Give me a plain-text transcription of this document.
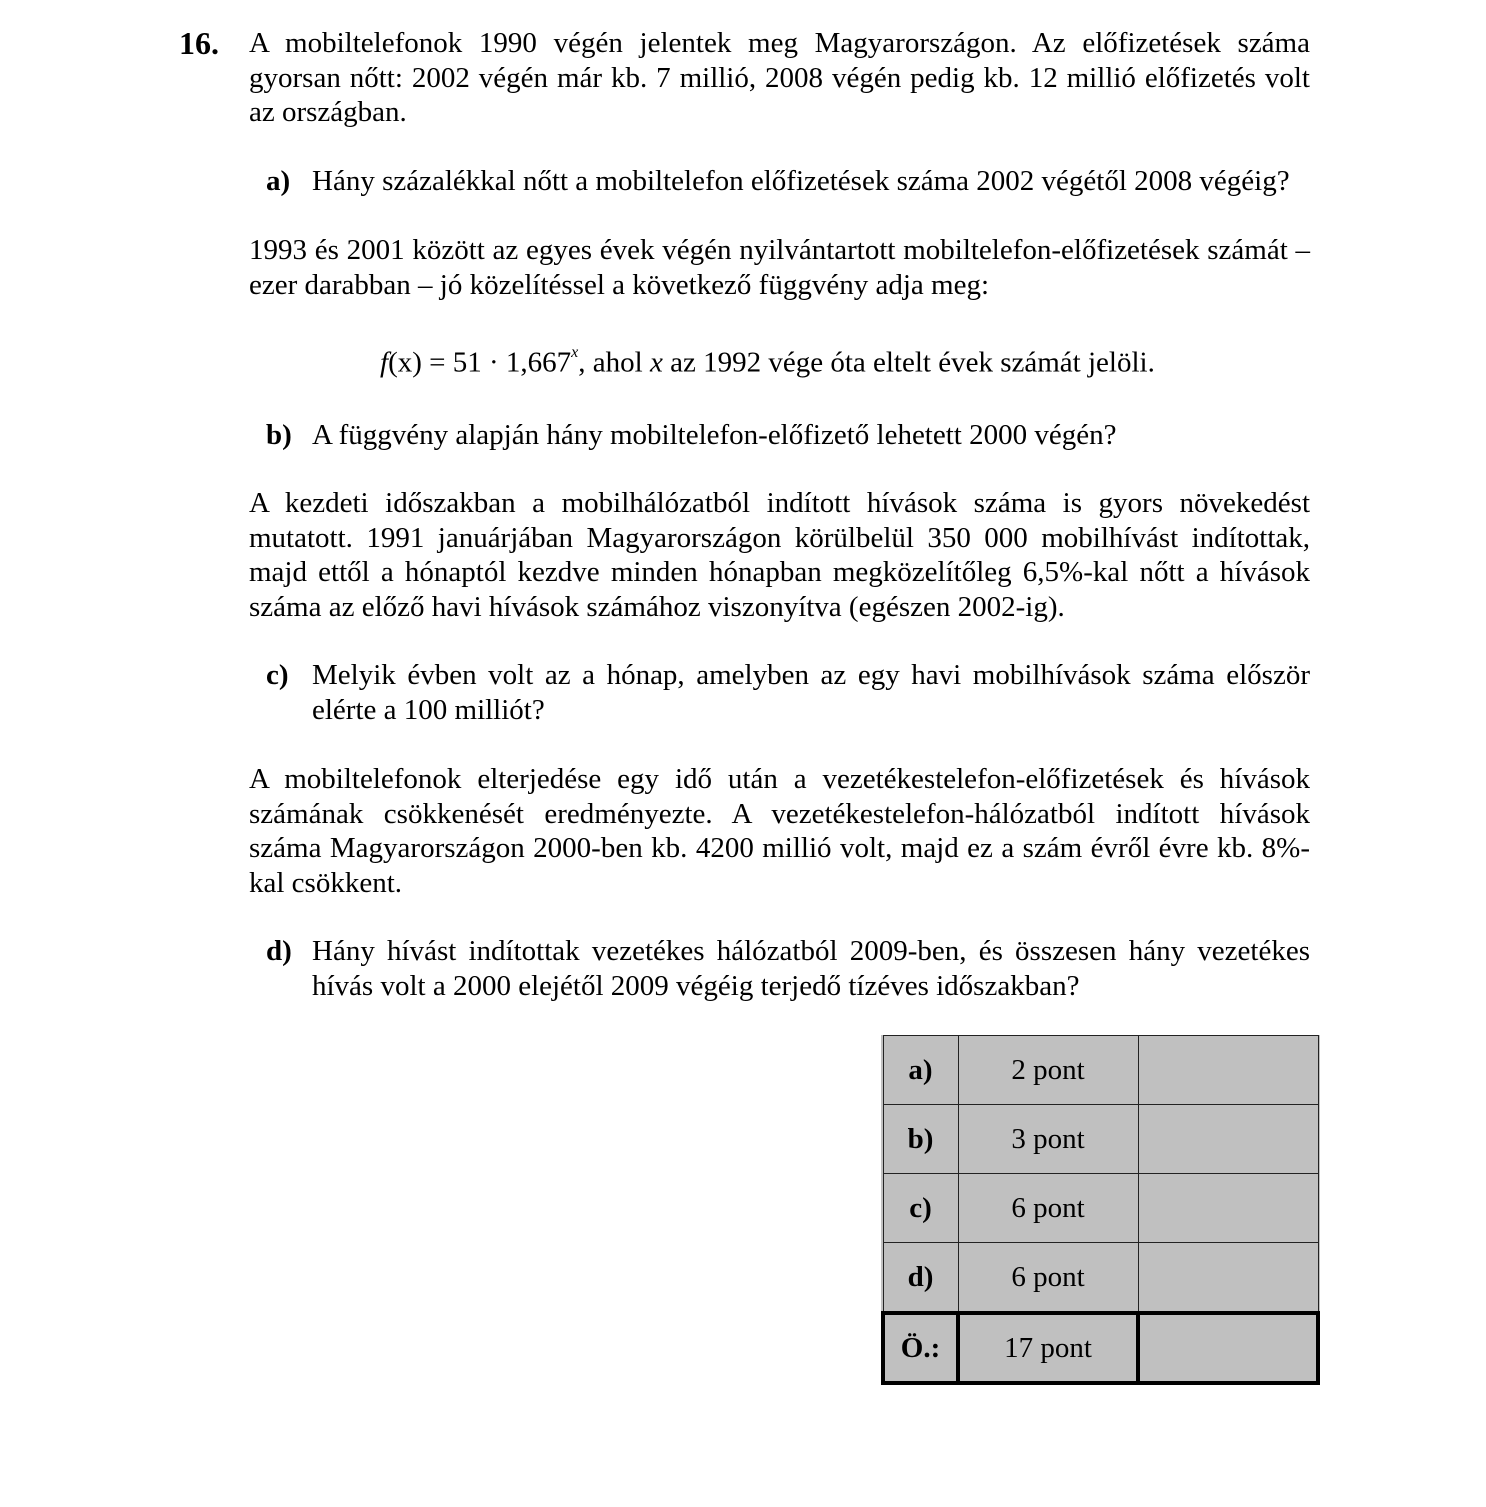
16. A mobiltelefonok 1990 végén jelentek meg Magyarországon. Az előfizetések száma gyorsan nőtt: 2002 végén már kb. 7 millió, 2008 végén pedig kb. 12 millió előfizetés volt az országban.
a) Hány százalékkal nőtt a mobiltelefon előfizetések száma 2002 végétől 2008 végéig?
1993 és 2001 között az egyes évek végén nyilvántartott mobiltelefon-előfizetések számát – ezer darabban – jó közelítéssel a következő függvény adja meg:
$f(x) = 51 \cdot 1,667^x$, ahol x az 1992 vége óta eltelt évek számát jelöli.
b) A függvény alapján hány mobiltelefon-előfizető lehetett 2000 végén?
A kezdeti időszakban a mobilhálózatból indított hívások száma is gyors növekedést mutatott. 1991 januárjában Magyarországon körülbelül 350 000 mobilhívást indítottak, majd ettől a hónaptól kezdve minden hónapban megközelítőleg 6,5%-kal nőtt a hívások száma az előző havi hívások számához viszonyítva (egészen 2002-ig).
c) Melyik évben volt az a hónap, amelyben az egy havi mobilhívások száma először elérte a 100 milliót?
A mobiltelefonok elterjedése egy idő után a vezetékestelefon-előfizetések és hívások számának csökkenését eredményezte. A vezetékestelefon-hálózatból indított hívások száma Magyarországon 2000-ben kb. 4200 millió volt, majd ez a szám évről évre kb. 8%-kal csökkent.
d) Hány hívást indítottak vezetékes hálózatból 2009-ben, és összesen hány vezetékes hívás volt a 2000 elejétől 2009 végéig terjedő tízéves időszakban?
a)	2 pont	
b)	3 pont	
c)	6 pont	
d)	6 pont	
Ö.:	17 pont	
